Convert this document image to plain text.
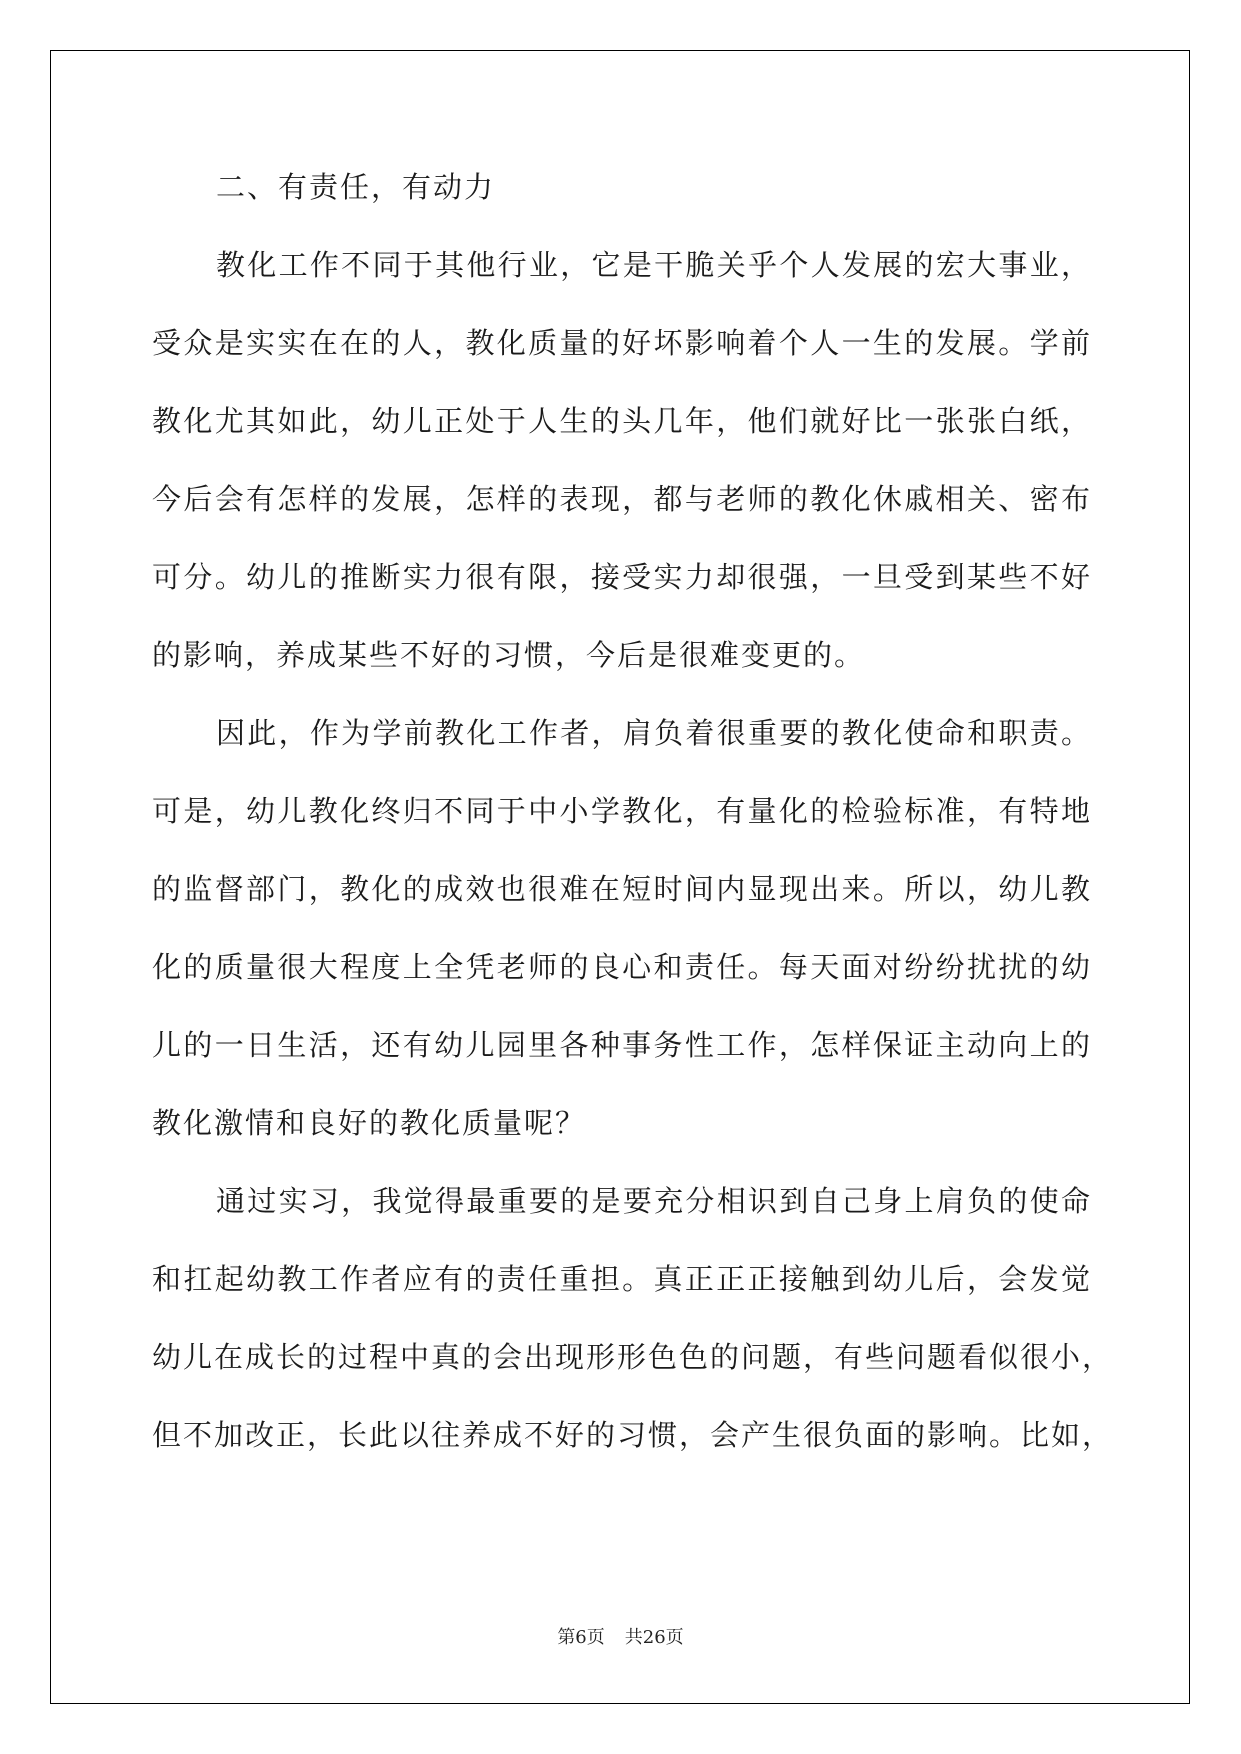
二、有责任，有动力
教化工作不同于其他行业，它是干脆关乎个人发展的宏大事业，
受众是实实在在的人，教化质量的好坏影响着个人一生的发展。学前
教化尤其如此，幼儿正处于人生的头几年，他们就好比一张张白纸，
今后会有怎样的发展，怎样的表现，都与老师的教化休戚相关、密布
可分。幼儿的推断实力很有限，接受实力却很强，一旦受到某些不好
的影响，养成某些不好的习惯，今后是很难变更的。
因此，作为学前教化工作者，肩负着很重要的教化使命和职责。
可是，幼儿教化终归不同于中小学教化，有量化的检验标准，有特地
的监督部门，教化的成效也很难在短时间内显现出来。所以，幼儿教
化的质量很大程度上全凭老师的良心和责任。每天面对纷纷扰扰的幼
儿的一日生活，还有幼儿园里各种事务性工作，怎样保证主动向上的
教化激情和良好的教化质量呢？
通过实习，我觉得最重要的是要充分相识到自己身上肩负的使命
和扛起幼教工作者应有的责任重担。真正正正接触到幼儿后，会发觉
幼儿在成长的过程中真的会出现形形色色的问题，有些问题看似很小，
但不加改正，长此以往养成不好的习惯，会产生很负面的影响。比如，
第6页 共26页
